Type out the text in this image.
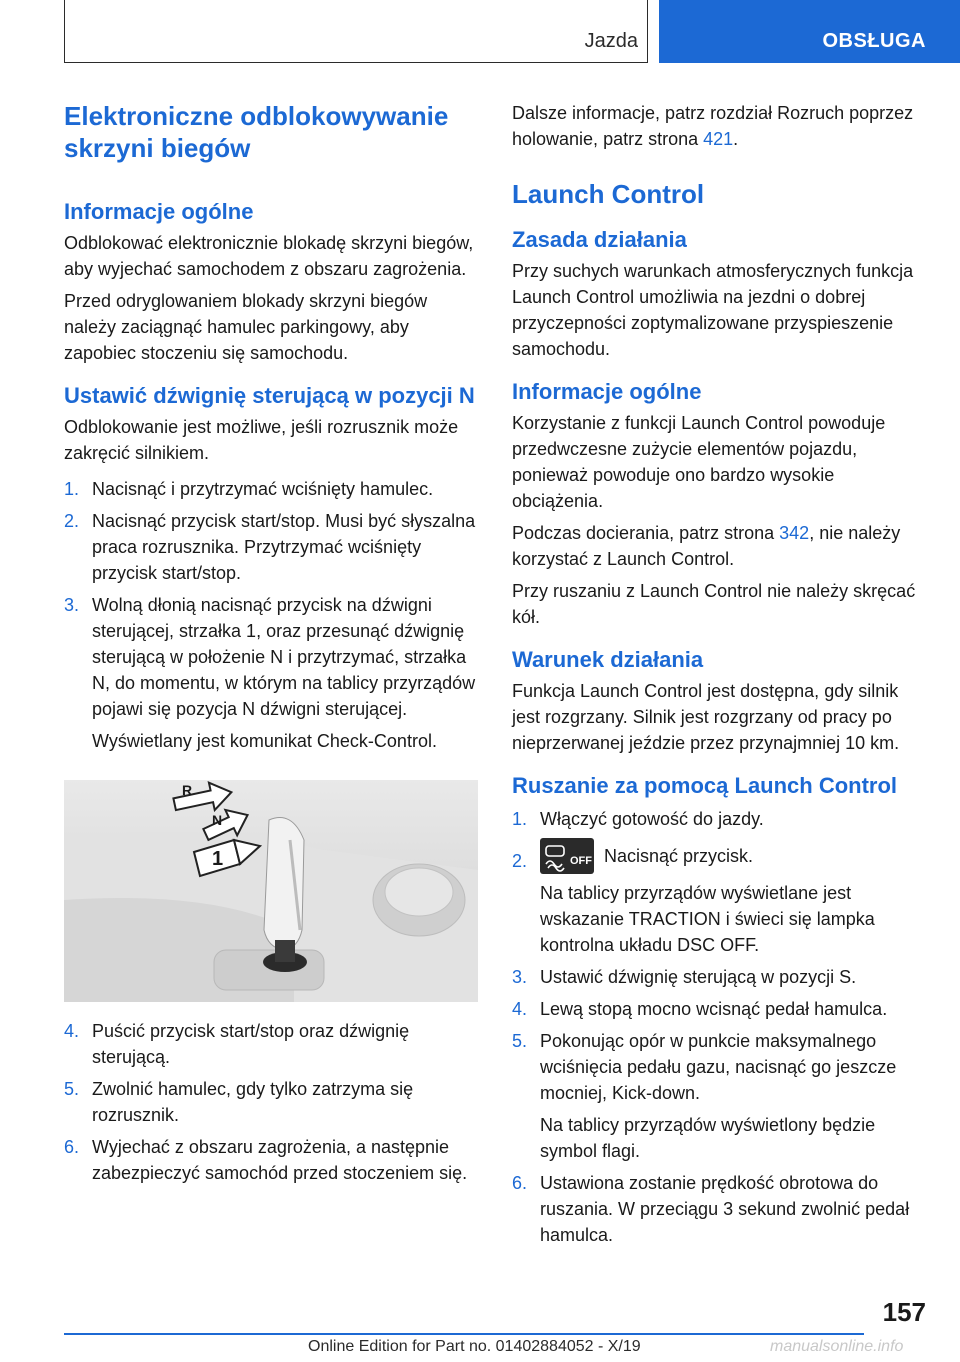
Jazda	OBSŁUGA
Elektroniczne odblokowywanie skrzyni biegów
Informacje ogólne

Odblokować elektronicznie blokadę skrzyni biegów, aby wyjechać samochodem z obszaru zagrożenia.

Przed odryglowaniem blokady skrzyni biegów należy zaciągnąć hamulec parkingowy, aby zapobiec stoczeniu się samochodu.

Ustawić dźwignię sterującą w pozycji N

Odblokowanie jest możliwe, jeśli rozrusznik może zakręcić silnikiem.

1. Nacisnąć i przytrzymać wciśnięty hamulec.
2. Nacisnąć przycisk start/stop. Musi być słyszalna praca rozrusznika. Przytrzymać wciśnięty przycisk start/stop.
3. Wolną dłonią nacisnąć przycisk na dźwigni sterującej, strzałka 1, oraz przesunąć dźwignię sterującą w położenie N i przytrzymać, strzałka N, do momentu, w którym na tablicy przyrządów pojawi się pozycja N dźwigni sterującej.
Wyświetlany jest komunikat Check-Control.
R
N
1
4. Puścić przycisk start/stop oraz dźwignię sterującą.
5. Zwolnić hamulec, gdy tylko zatrzyma się rozrusznik.
6. Wyjechać z obszaru zagrożenia, a następnie zabezpieczyć samochód przed stoczeniem się.

Dalsze informacje, patrz rozdział Rozruch poprzez holowanie, patrz strona 421.

Launch Control
Zasada działania

Przy suchych warunkach atmosferycznych funkcja Launch Control umożliwia na jezdni o dobrej przyczepności zoptymalizowane przyspieszenie samochodu.

Informacje ogólne

Korzystanie z funkcji Launch Control powoduje przedwczesne zużycie elementów pojazdu, ponieważ powoduje ono bardzo wysokie obciążenia.

Podczas docierania, patrz strona 342, nie należy korzystać z Launch Control.

Przy ruszaniu z Launch Control nie należy skręcać kół.

Warunek działania

Funkcja Launch Control jest dostępna, gdy silnik jest rozgrzany. Silnik jest rozgrzany od pracy po nieprzerwanej jeździe przez przynajmniej 10 km.

Ruszanie za pomocą Launch Control
1. Włączyć gotowość do jazdy.
2.	OFF Nacisnąć przycisk.
Na tablicy przyrządów wyświetlane jest wskazanie TRACTION i świeci się lampka kontrolna układu DSC OFF.
3. Ustawić dźwignię sterującą w pozycji S.
4. Lewą stopą mocno wcisnąć pedał hamulca.
5. Pokonując opór w punkcie maksymalnego wciśnięcia pedału gazu, nacisnąć go jeszcze mocniej, Kick-down.
Na tablicy przyrządów wyświetlony będzie symbol flagi.
6. Ustawiona zostanie prędkość obrotowa do ruszania. W przeciągu 3 sekund zwolnić pedał hamulca.
157
Online Edition for Part no. 01402884052 - X/19	manualsonline.info
